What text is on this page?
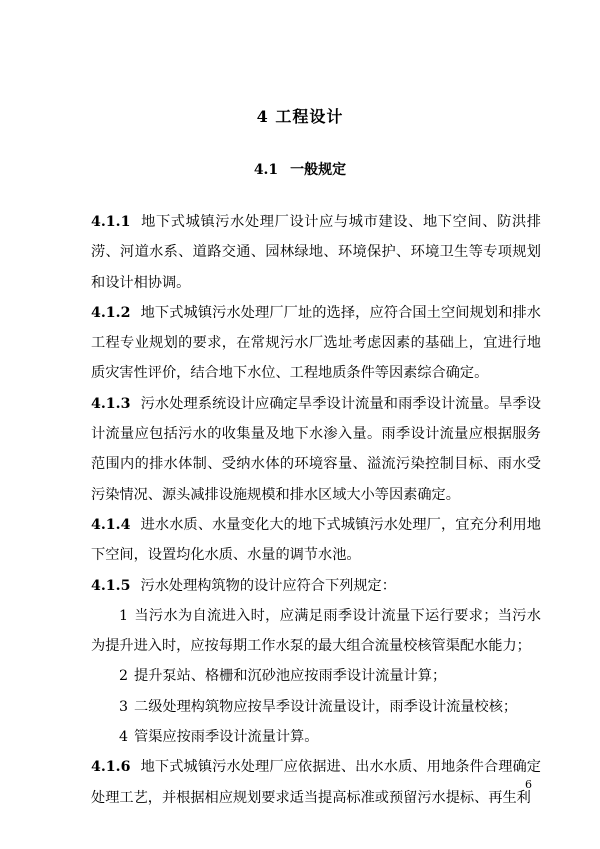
4 工程设计
4.1 一般规定

4.1.1 地下式城镇污水处理厂设计应与城市建设、地下空间、防洪排涝、河道水系、道路交通、园林绿地、环境保护、环境卫生等专项规划和设计相协调。

4.1.2 地下式城镇污水处理厂厂址的选择，应符合国土空间规划和排水工程专业规划的要求，在常规污水厂选址考虑因素的基础上，宜进行地质灾害性评价，结合地下水位、工程地质条件等因素综合确定。

4.1.3 污水处理系统设计应确定旱季设计流量和雨季设计流量。旱季设计流量应包括污水的收集量及地下水渗入量。雨季设计流量应根据服务范围内的排水体制、受纳水体的环境容量、溢流污染控制目标、雨水受污染情况、源头减排设施规模和排水区域大小等因素确定。

4.1.4 进水水质、水量变化大的地下式城镇污水处理厂，宜充分利用地下空间，设置均化水质、水量的调节水池。

4.1.5 污水处理构筑物的设计应符合下列规定：

1 当污水为自流进入时，应满足雨季设计流量下运行要求；当污水为提升进入时，应按每期工作水泵的最大组合流量校核管渠配水能力；

2 提升泵站、格栅和沉砂池应按雨季设计流量计算；

3 二级处理构筑物应按旱季设计流量设计，雨季设计流量校核；

4 管渠应按雨季设计流量计算。

4.1.6 地下式城镇污水处理厂应依据进、出水水质、用地条件合理确定处理工艺，并根据相应规划要求适当提高标准或预留污水提标、再生利

6
